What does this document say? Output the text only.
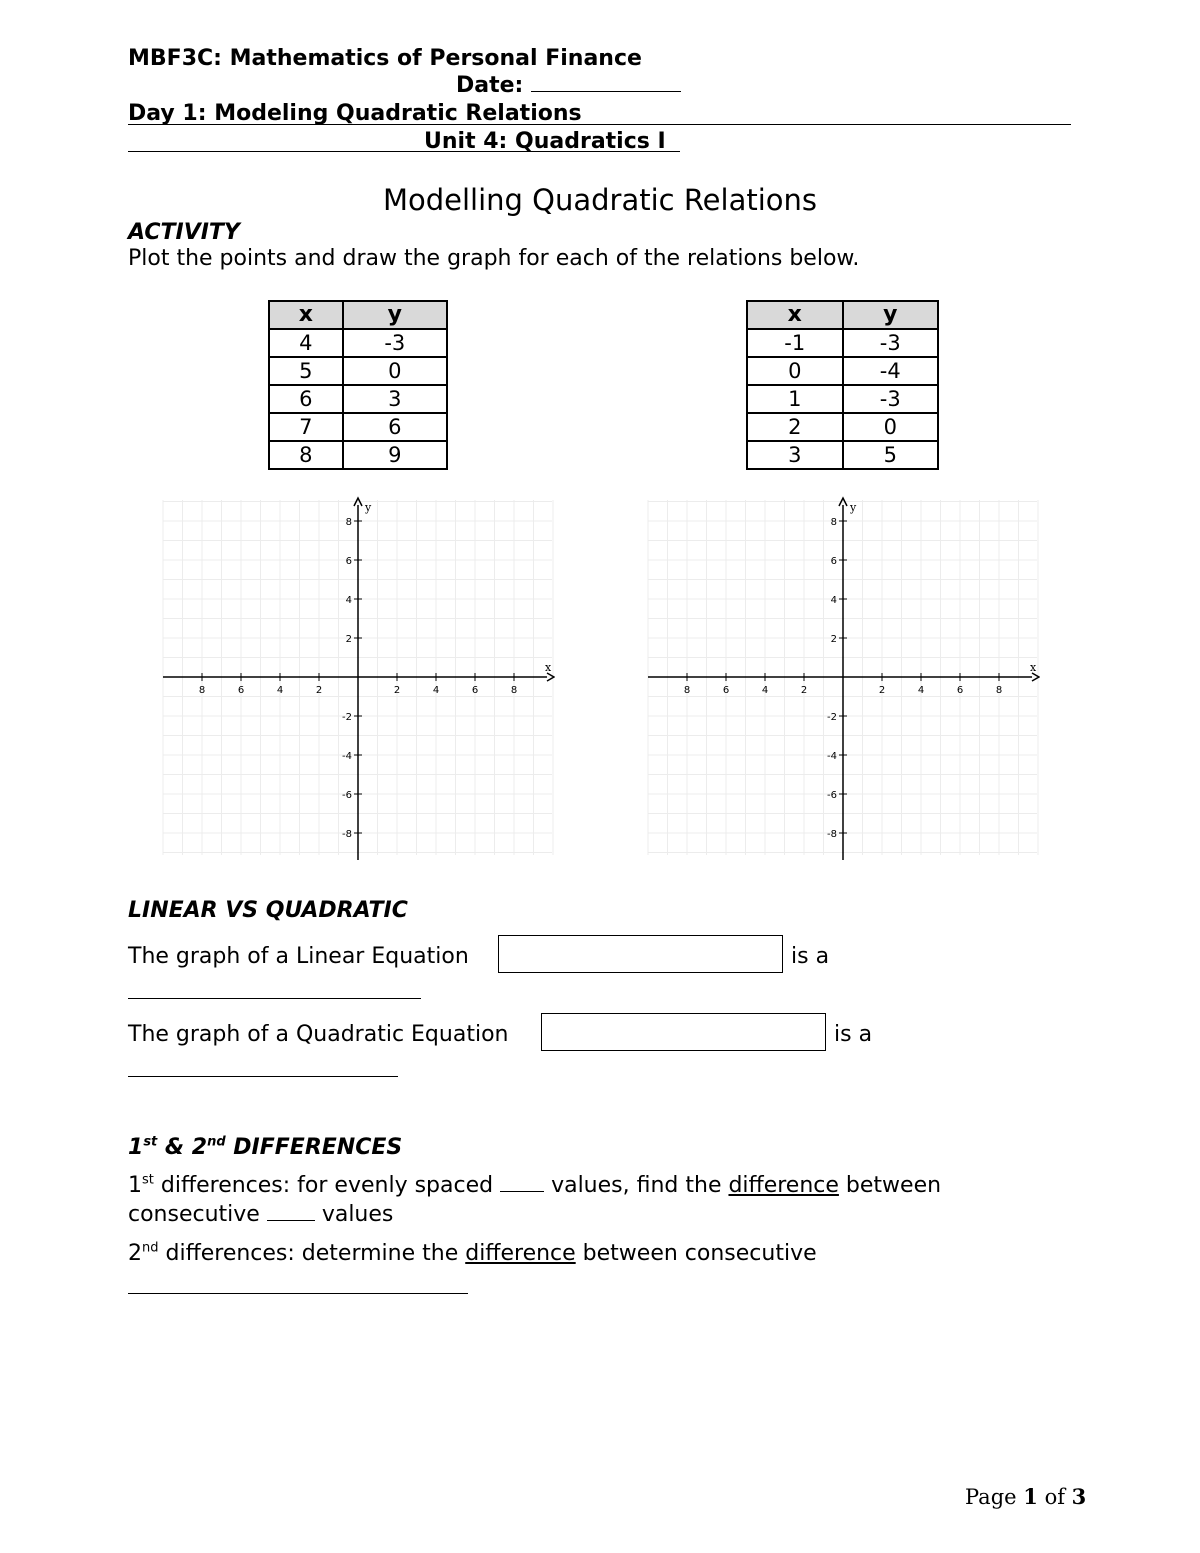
MBF3C: Mathematics of Personal Finance
Date:
Day 1: Modeling Quadratic Relations
Unit 4: Quadratics I
Modelling Quadratic Relations
ACTIVITY
Plot the points and draw the graph for each of the relations below.
x	y
4	-3
5	0
6	3
7	6
8	9
x	y
-1	-3
0	-4
1	-3
2	0
3	5
x
y
8	6	4	2	2	4	6	8
8
6
4
2
-2
-4
-6
-8
x
y
8	6	4	2	2	4	6	8
8
6
4
2
-2
-4
-6
-8
LINEAR VS QUADRATIC
The graph of a Linear Equation	is a
The graph of a Quadratic Equation	is a
1st & 2nd DIFFERENCES
1st differences: for evenly spaced  values, find the difference between
consecutive  values
2nd differences: determine the difference between consecutive
Page 1 of 3
